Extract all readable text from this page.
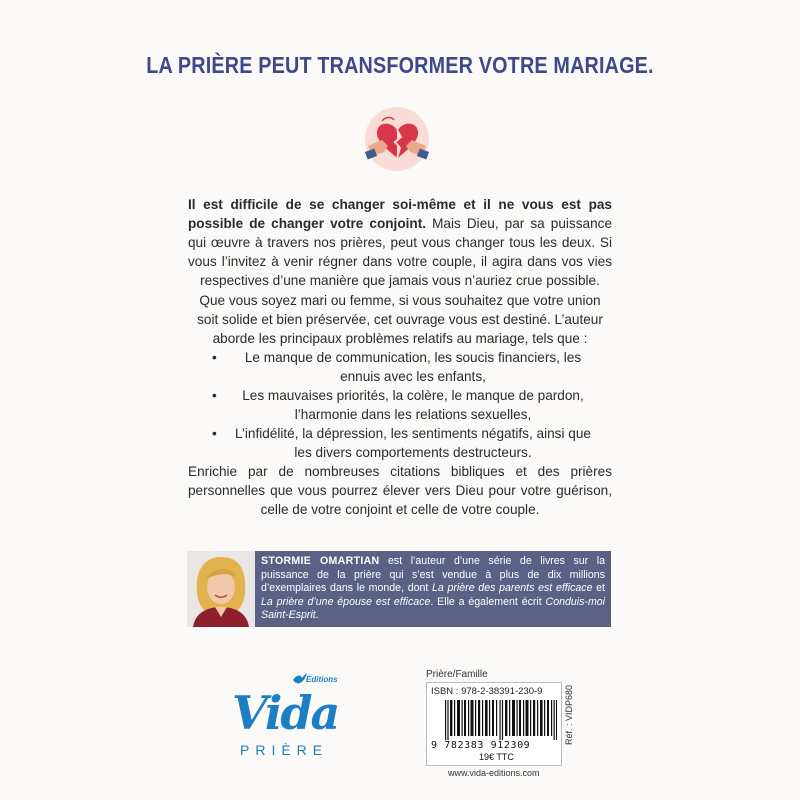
LA PRIÈRE PEUT TRANSFORMER VOTRE MARIAGE.
Il est difficile de se changer soi-même et il ne vous est pas possible de changer votre conjoint. Mais Dieu, par sa puissance qui œuvre à travers nos prières, peut vous changer tous les deux. Si vous l’invitez à venir régner dans votre couple, il agira dans vos vies respectives d’une manière que jamais vous n’auriez crue possible.
Que vous soyez mari ou femme, si vous souhaitez que votre union soit solide et bien préservée, cet ouvrage vous est destiné. L’auteur aborde les principaux problèmes relatifs au mariage, tels que :
•	Le manque de communication, les soucis financiers, les ennuis avec les enfants,
•	Les mauvaises priorités, la colère, le manque de pardon, l’harmonie dans les relations sexuelles,
•	L’infidélité, la dépression, les sentiments négatifs, ainsi que les divers comportements destructeurs.
Enrichie par de nombreuses citations bibliques et des prières personnelles que vous pourrez élever vers Dieu pour votre guérison, celle de votre conjoint et celle de votre couple.
STORMIE OMARTIAN est l’auteur d’une série de livres sur la puissance de la prière qui s’est vendue à plus de dix millions d’exemplaires dans le monde, dont La prière des parents est efficace et La prière d’une épouse est efficace. Elle a également écrit Conduis-moi Saint-Esprit.
Éditions
Vida
PRIÈRE
Prière/Famille
ISBN : 978-2-38391-230-9
9 782383 912309
19€ TTC
Réf. : VIDP680
www.vida-editions.com
